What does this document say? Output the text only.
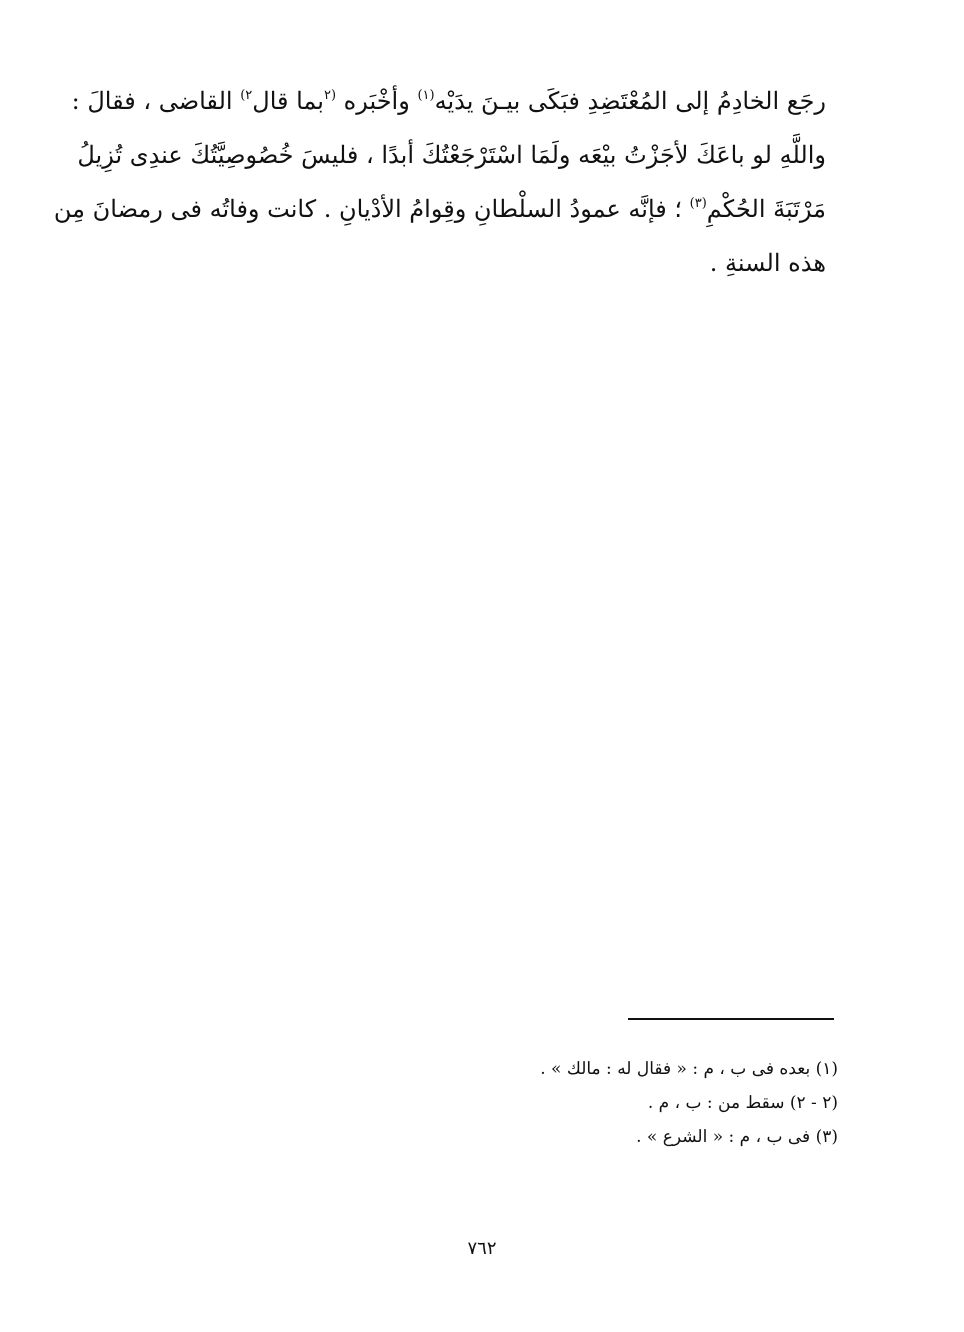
رجَع الخادِمُ إلى المُعْتَضِدِ فبَكَى بيـنَ يدَيْه$^{(١)}$ وأخْبَره $^{(٢}$بما قال$^{٢)}$ القاضى ، فقالَ :
واللَّهِ لو باعَكَ لأجَزْتُ بيْعَه ولَمَا اسْتَرْجَعْتُكَ أبدًا ، فليسَ خُصُوصِيَّتُكَ عندِى تُزِيلُ
مَرْتَبَةَ الحُكْمِ$^{(٣)}$ ؛ فإنَّه عمودُ السلْطانِ وقِوامُ الأدْيانِ . كانت وفاتُه فى رمضانَ مِن
هذه السنةِ .
(١) بعده فى ب ، م : « فقال له : مالك » .
(٢ - ٢) سقط من : ب ، م .
(٣) فى ب ، م : « الشرع » .
٧٦٢
